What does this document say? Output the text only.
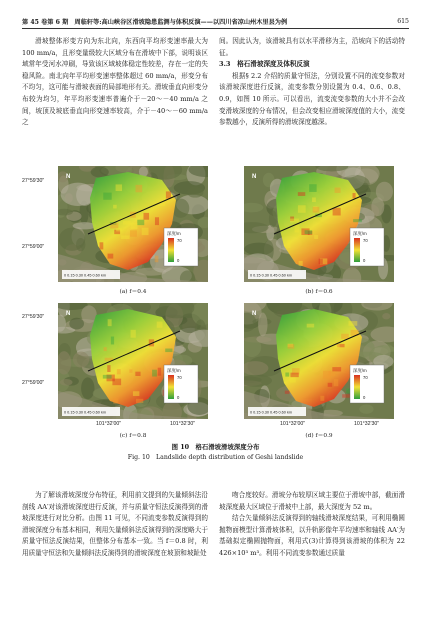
第 45 卷第 6 期　周临轩等:高山峡谷区滑坡隐患监测与体积反演——以四川省凉山州木里县为例	615

滑坡整体形变方向为东北向，东西向平均形变速率最大为 100 mm/a，且形变量级较大区域分布在滑坡中下部，说明该区域常年受河水冲刷，导致该区域坡体稳定性较差，存在一定的失稳风险。南北向年平均形变速率整体超过 60 mm/a，形变分布不均匀，这可能与滑坡表面的局部地形有关。滑坡垂直向形变分布较为均匀，年平均形变速率普遍介于－20～－40 mm/a 之间，坡顶及坡底垂直向形变速率较高，介于－40～－60 mm/a 之

间。因此认为，该滑坡具有以水平滑移为主，沿坡向下的活动特征。

3.3　格石滑坡深度及体积反演

根据§ 2.2 介绍的质量守恒法，分别设置不同的流变参数对该滑坡深度进行反演，流变参数分别设置为 0.4、0.6、0.8、0.9，如图 10 所示。可以看出，流变流变参数的大小并不会改变滑坡深度的分布情况，但会改变相应滑坡深度值的大小，流变参数越小，反演所得的滑坡深度越深。

27°59'30"
27°59'00"
27°59'30"
27°59'00"
深度/m
70
0
0 0.15 0.30 0.45 0.60 km
N
深度/m
70
0
0 0.15 0.30 0.45 0.60 km
N
深度/m
70
0
0 0.15 0.30 0.45 0.60 km
N
深度/m
70
0
0 0.15 0.30 0.45 0.60 km
N
(a) f＝0.4	(b) f＝0.6
101°32'00"	101°32'30"	101°32'00"	101°32'30"
(c) f＝0.8	(d) f＝0.9
图 10　格石滑坡滑坡深度分布
Fig. 10　Landslide depth distribution of Geshi landslide

为了解该滑坡深度分布特征，利用前文提到的矢量倾斜法沿剖线 AA′对该滑坡深度进行反演，并与质量守恒法反演得到的滑坡深度进行对比分析。由图 11 可见，不同流变参数反演得到的滑坡深度分布基本相同，利用矢量倾斜法反演得到的深度略大于质量守恒法反演结果，但整体分布基本一致。当 f＝0.8 时，利用质量守恒法和矢量倾斜法反演得到的滑坡深度在坡顶和坡趾处

吻合度较好。滑坡分布较厚区域主要位于滑坡中部，截面滑坡深度最大区域位于滑坡中上部，最大深度为 52 m。

结合矢量倾斜法反演得到的轴线滑坡深度结果，可利用椭圆抛物面模型计算滑坡体积，以升轨影像年平均速率和轴线 AA′为基础拟定椭圆抛物面，利用式(3)计算得到该滑坡的体积为 22 426×10³ m³。利用不同流变参数通过质量
